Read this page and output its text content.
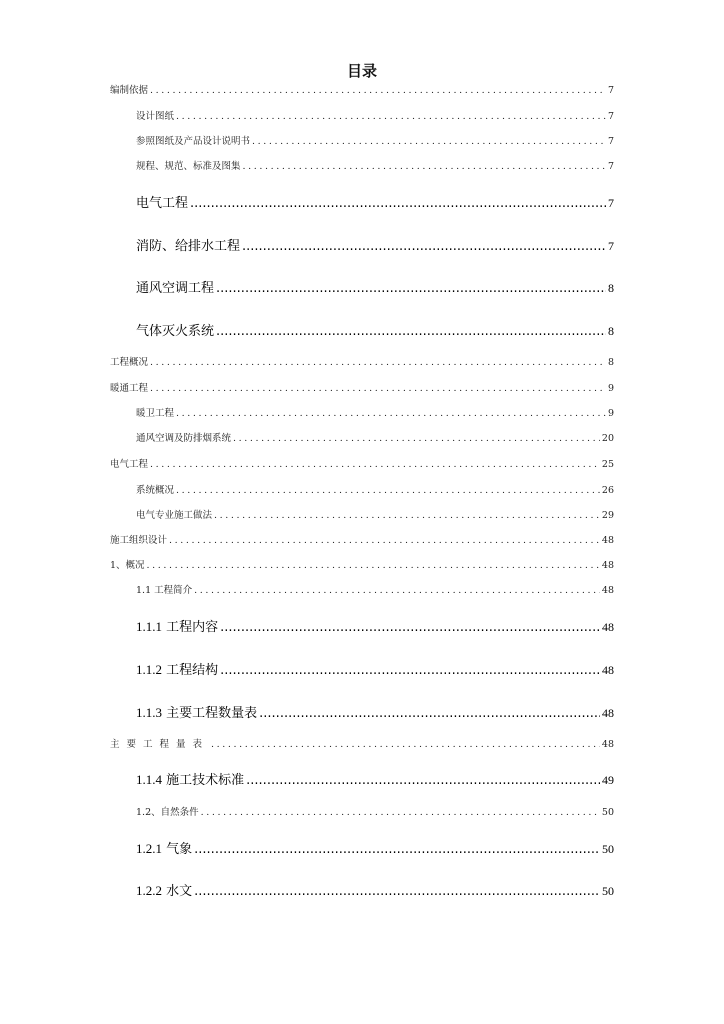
目录
编制依据 .....	7
设计图纸 .....	7
参照图纸及产品设计说明书 .....	7
规程、规范、标准及图集 .....	7
电气工程 .....	7
消防、给排水工程 .....	7
通风空调工程 .....	8
气体灭火系统 .....	8
工程概况 .....	8
暖通工程 .....	9
暖卫工程 .....	9
通风空调及防排烟系统 .....	20
电气工程 .....	25
系统概况 .....	26
电气专业施工做法 .....	29
施工组织设计 .....	48
1、概况 .....	48
1.1 工程简介 .....	48
1.1.1 工程内容 .....	48
1.1.2 工程结构 .....	48
1.1.3 主要工程数量表 .....	48
主要工程量表 .....	48
1.1.4 施工技术标准 .....	49
1.2、自然条件 .....	50
1.2.1 气象 .....	50
1.2.2 水文 .....	50
